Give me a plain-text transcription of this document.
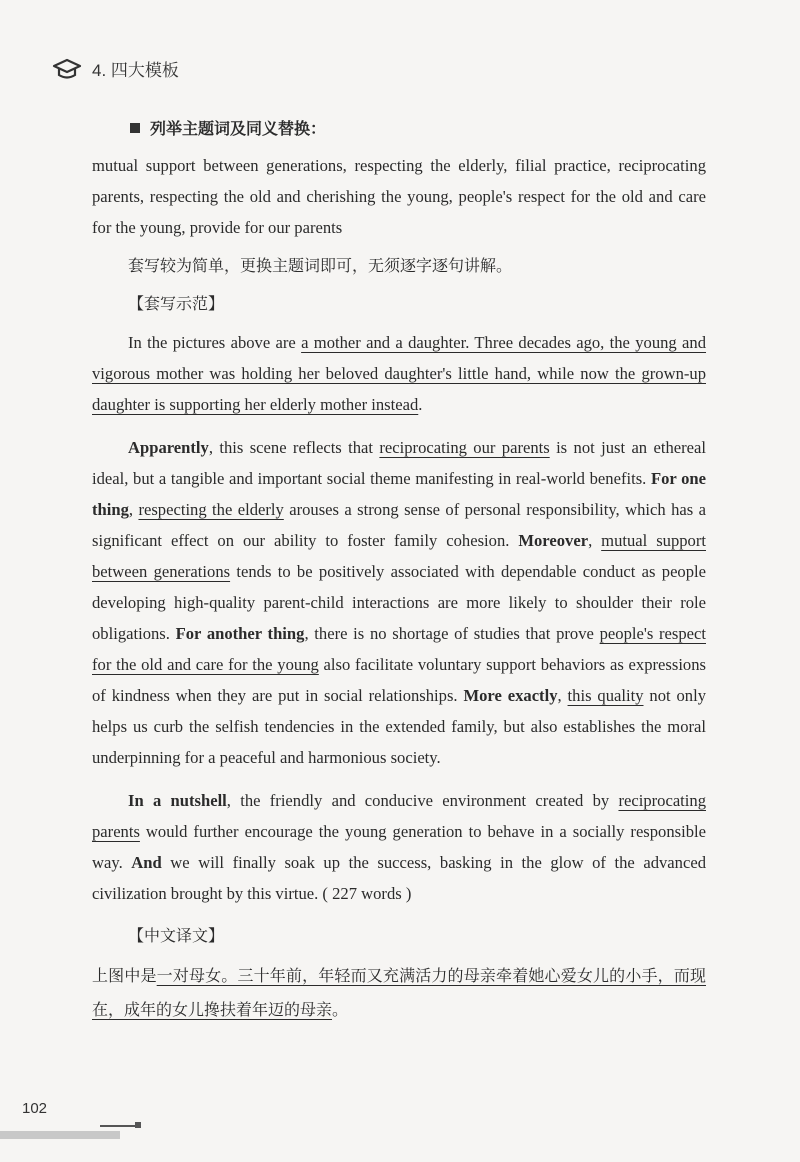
4. 四大模板
列举主题词及同义替换：

mutual support between generations, respecting the elderly, filial practice, reciprocating parents, respecting the old and cherishing the young, people's respect for the old and care for the young, provide for our parents

套写较为简单，更换主题词即可，无须逐字逐句讲解。
【套写示范】

In the pictures above are a mother and a daughter. Three decades ago, the young and vigorous mother was holding her beloved daughter's little hand, while now the grown-up daughter is supporting her elderly mother instead.

Apparently, this scene reflects that reciprocating our parents is not just an ethereal ideal, but a tangible and important social theme manifesting in real-world benefits. For one thing, respecting the elderly arouses a strong sense of personal responsibility, which has a significant effect on our ability to foster family cohesion. Moreover, mutual support between generations tends to be positively associated with dependable conduct as people developing high-quality parent-child interactions are more likely to shoulder their role obligations. For another thing, there is no shortage of studies that prove people's respect for the old and care for the young also facilitate voluntary support behaviors as expressions of kindness when they are put in social relationships. More exactly, this quality not only helps us curb the selfish tendencies in the extended family, but also establishes the moral underpinning for a peaceful and harmonious society.

In a nutshell, the friendly and conducive environment created by reciprocating parents would further encourage the young generation to behave in a socially responsible way. And we will finally soak up the success, basking in the glow of the advanced civilization brought by this virtue. ( 227 words )

【中文译文】

上图中是一对母女。三十年前，年轻而又充满活力的母亲牵着她心爱女儿的小手，而现在，成年的女儿搀扶着年迈的母亲。

102
